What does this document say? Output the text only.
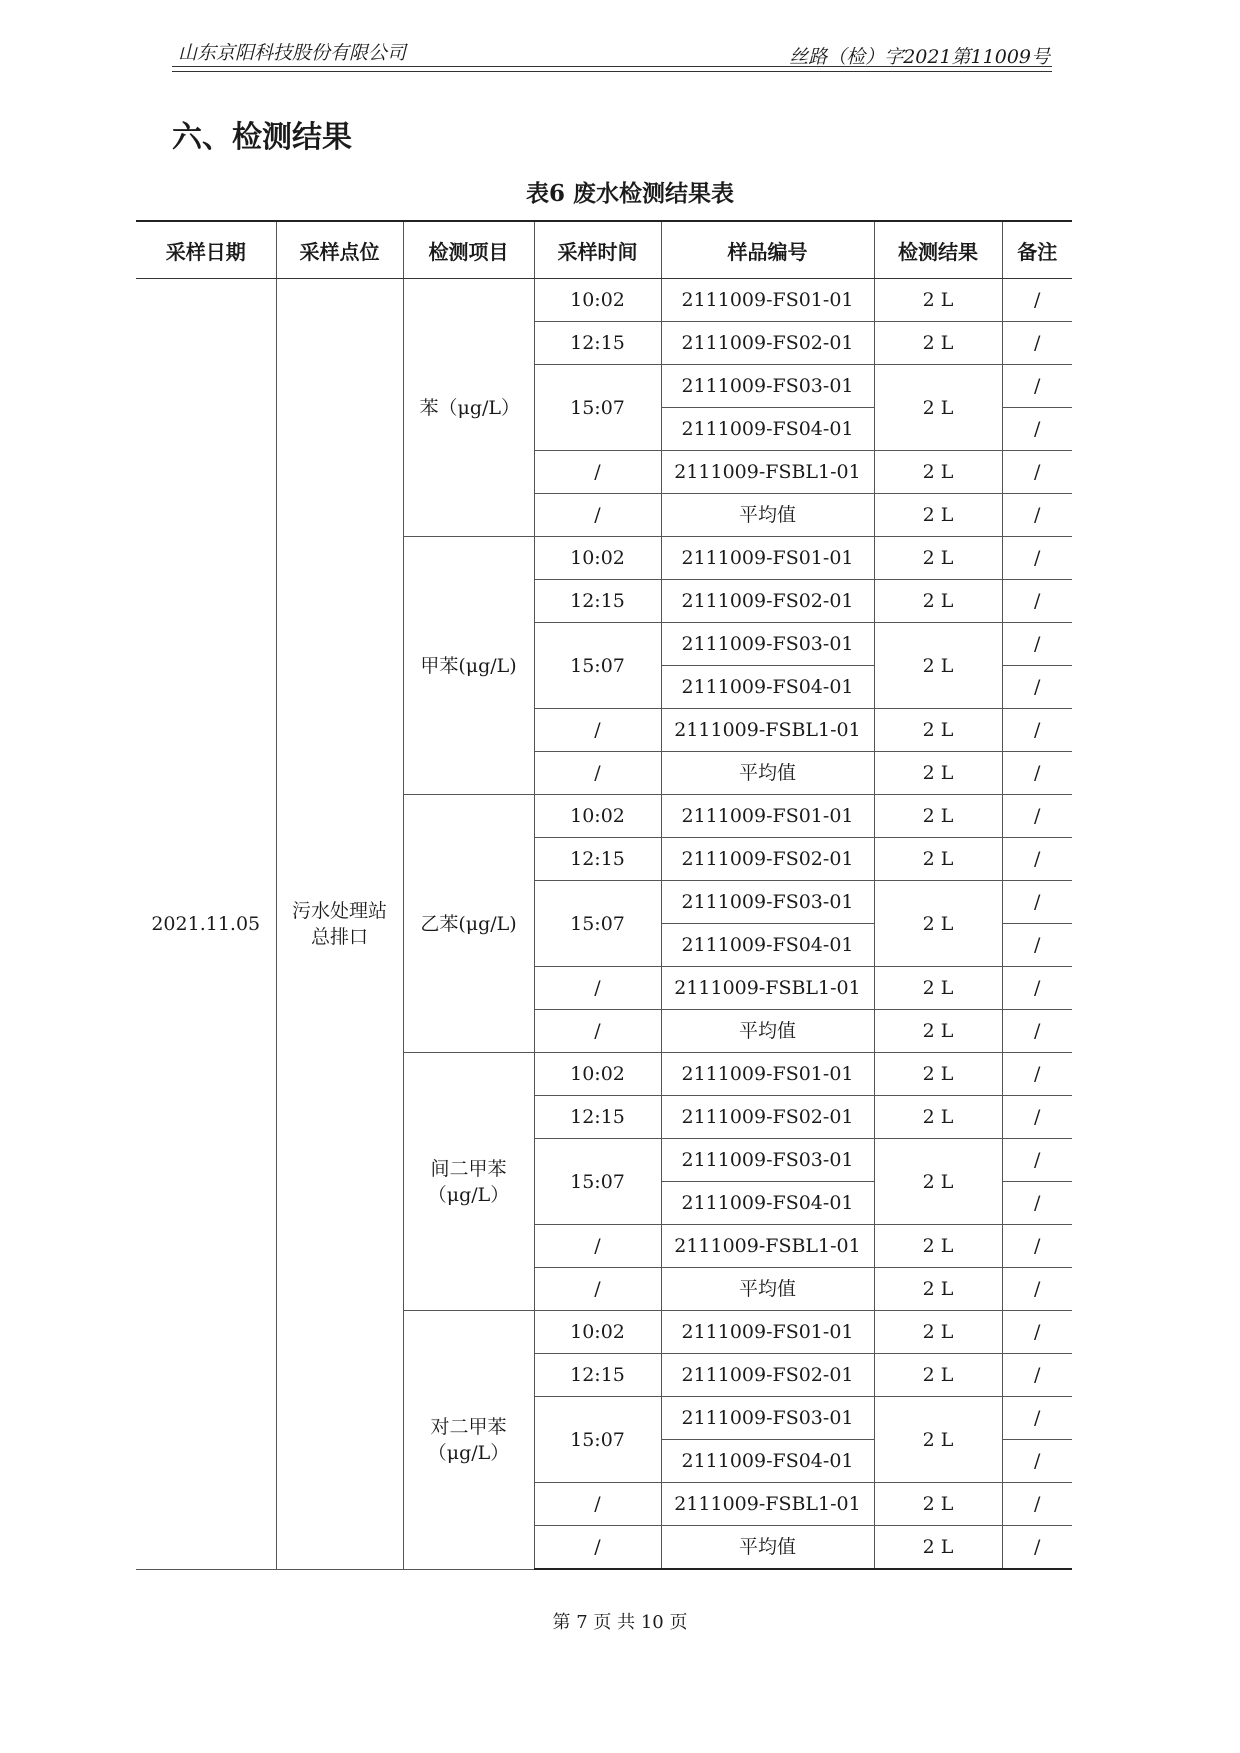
山东京阳科技股份有限公司	丝路（检）字2021第11009号
六、检测结果
表6 废水检测结果表
采样日期	采样点位	检测项目	采样时间	样品编号	检测结果	备注
2021.11.05	污水处理站总排口	苯（μg/L）	10:02	2111009-FS01-01	2 L	/
			12:15	2111009-FS02-01	2 L	/
			15:07	2111009-FS03-01	2 L	/
				2111009-FS04-01		/
			/	2111009-FSBL1-01	2 L	/
			/	平均值	2 L	/
		甲苯(μg/L)	10:02	2111009-FS01-01	2 L	/
			12:15	2111009-FS02-01	2 L	/
			15:07	2111009-FS03-01	2 L	/
				2111009-FS04-01		/
			/	2111009-FSBL1-01	2 L	/
			/	平均值	2 L	/
		乙苯(μg/L)	10:02	2111009-FS01-01	2 L	/
			12:15	2111009-FS02-01	2 L	/
			15:07	2111009-FS03-01	2 L	/
				2111009-FS04-01		/
			/	2111009-FSBL1-01	2 L	/
			/	平均值	2 L	/
		间二甲苯（μg/L）	10:02	2111009-FS01-01	2 L	/
			12:15	2111009-FS02-01	2 L	/
			15:07	2111009-FS03-01	2 L	/
				2111009-FS04-01		/
			/	2111009-FSBL1-01	2 L	/
			/	平均值	2 L	/
		对二甲苯（μg/L）	10:02	2111009-FS01-01	2 L	/
			12:15	2111009-FS02-01	2 L	/
			15:07	2111009-FS03-01	2 L	/
				2111009-FS04-01		/
			/	2111009-FSBL1-01	2 L	/
			/	平均值	2 L	/
第 7 页 共 10 页
